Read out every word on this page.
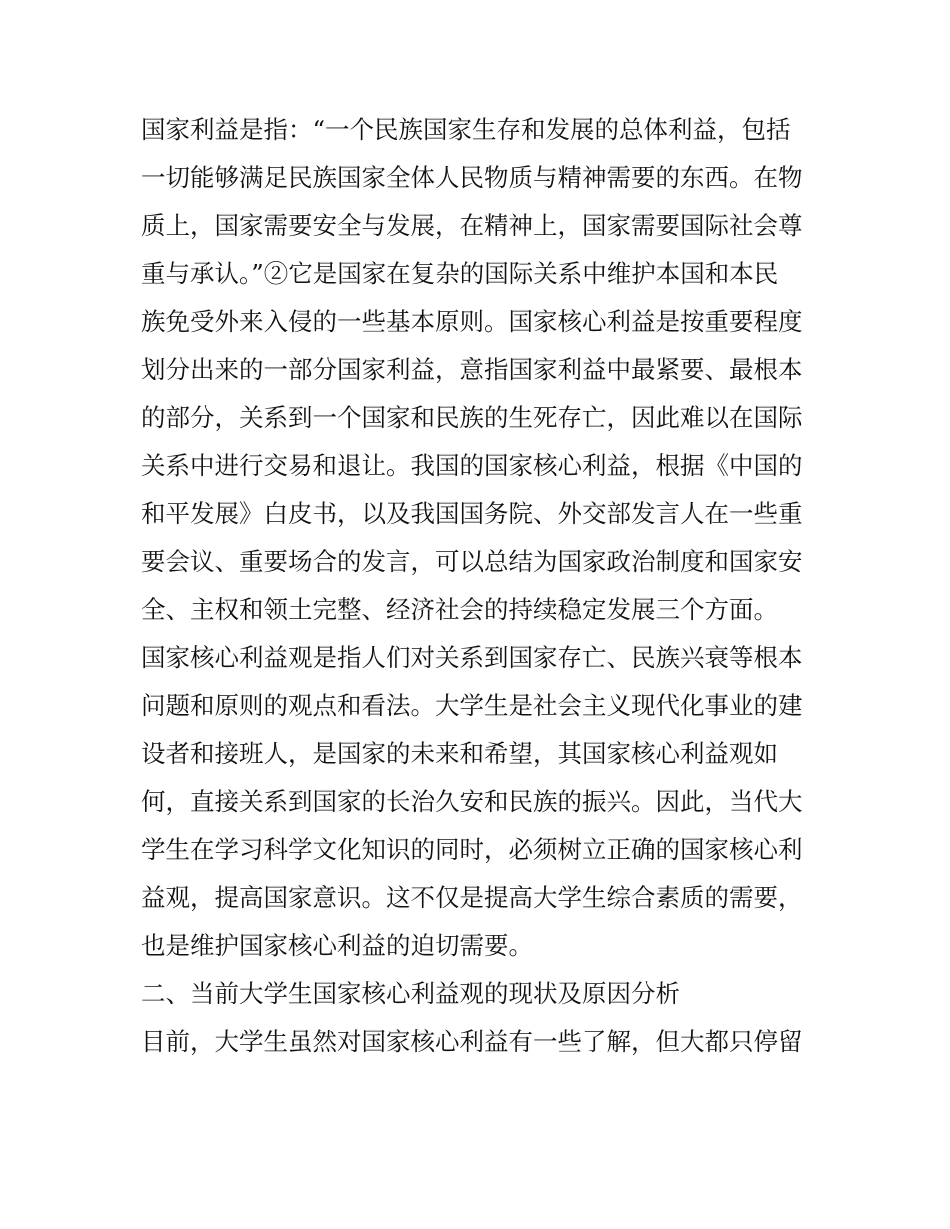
国家利益是指：“一个民族国家生存和发展的总体利益，包括
一切能够满足民族国家全体人民物质与精神需要的东西。在物
质上，国家需要安全与发展，在精神上，国家需要国际社会尊
重与承认。”②它是国家在复杂的国际关系中维护本国和本民
族免受外来入侵的一些基本原则。国家核心利益是按重要程度
划分出来的一部分国家利益，意指国家利益中最紧要、最根本
的部分，关系到一个国家和民族的生死存亡，因此难以在国际
关系中进行交易和退让。我国的国家核心利益，根据《中国的
和平发展》白皮书，以及我国国务院、外交部发言人在一些重
要会议、重要场合的发言，可以总结为国家政治制度和国家安
全、主权和领土完整、经济社会的持续稳定发展三个方面。
国家核心利益观是指人们对关系到国家存亡、民族兴衰等根本
问题和原则的观点和看法。大学生是社会主义现代化事业的建
设者和接班人，是国家的未来和希望，其国家核心利益观如
何，直接关系到国家的长治久安和民族的振兴。因此，当代大
学生在学习科学文化知识的同时，必须树立正确的国家核心利
益观，提高国家意识。这不仅是提高大学生综合素质的需要，
也是维护国家核心利益的迫切需要。
二、当前大学生国家核心利益观的现状及原因分析
目前，大学生虽然对国家核心利益有一些了解，但大都只停留
